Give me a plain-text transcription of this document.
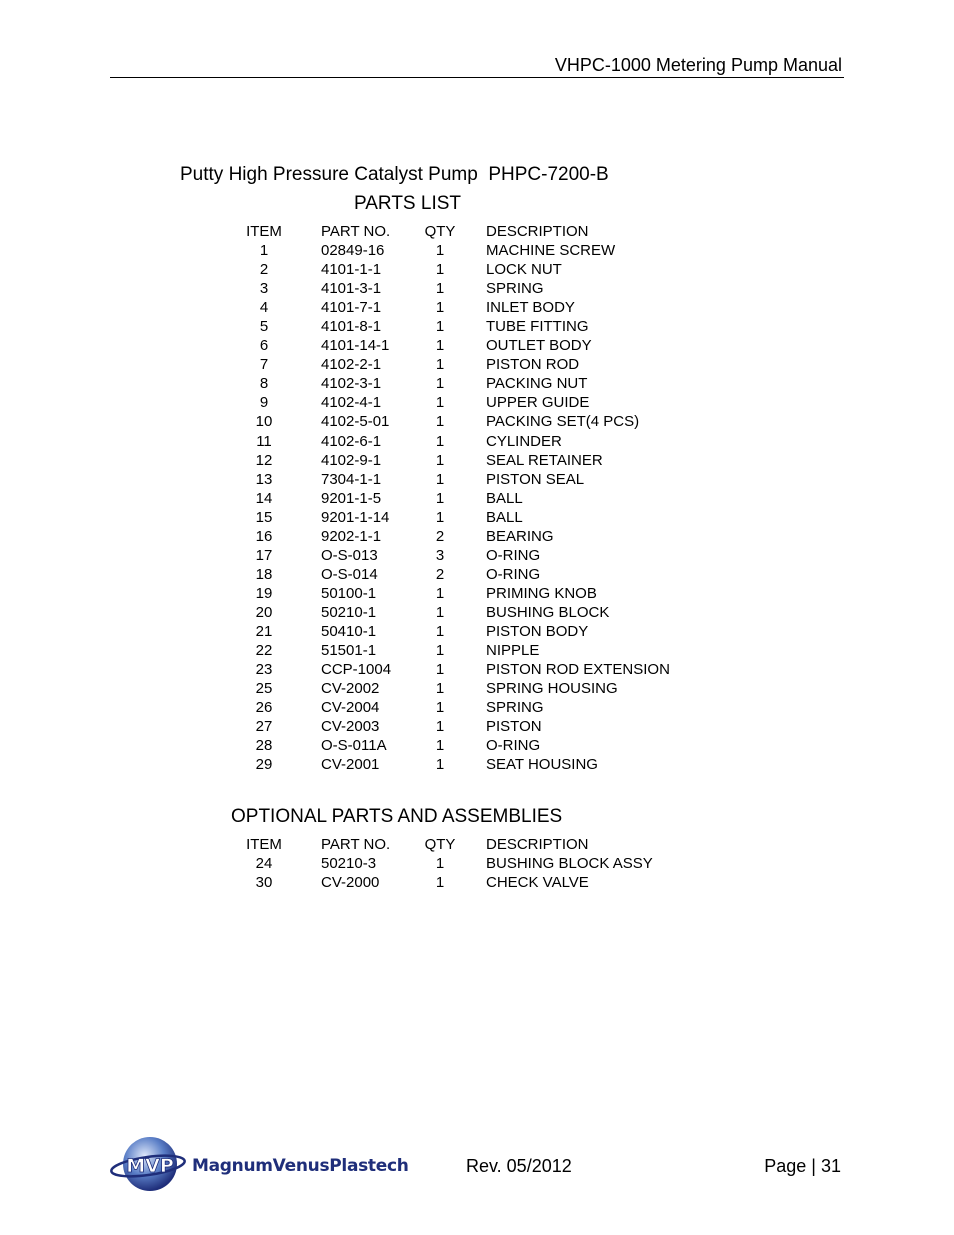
VHPC-1000 Metering Pump Manual
Putty High Pressure Catalyst Pump  PHPC-7200-B
PARTS LIST
ITEM	PART NO.	QTY	DESCRIPTION
1	02849-16	1	MACHINE SCREW
2	4101-1-1	1	LOCK NUT
3	4101-3-1	1	SPRING
4	4101-7-1	1	INLET BODY
5	4101-8-1	1	TUBE FITTING
6	4101-14-1	1	OUTLET BODY
7	4102-2-1	1	PISTON ROD
8	4102-3-1	1	PACKING NUT
9	4102-4-1	1	UPPER GUIDE
10	4102-5-01	1	PACKING SET(4 PCS)
11	4102-6-1	1	CYLINDER
12	4102-9-1	1	SEAL RETAINER
13	7304-1-1	1	PISTON SEAL
14	9201-1-5	1	BALL
15	9201-1-14	1	BALL
16	9202-1-1	2	BEARING
17	O-S-013	3	O-RING
18	O-S-014	2	O-RING
19	50100-1	1	PRIMING KNOB
20	50210-1	1	BUSHING BLOCK
21	50410-1	1	PISTON BODY
22	51501-1	1	NIPPLE
23	CCP-1004	1	PISTON ROD EXTENSION
25	CV-2002	1	SPRING HOUSING
26	CV-2004	1	SPRING
27	CV-2003	1	PISTON
28	O-S-011A	1	O-RING
29	CV-2001	1	SEAT HOUSING
OPTIONAL PARTS AND ASSEMBLIES
ITEM	PART NO.	QTY	DESCRIPTION
24	50210-3	1	BUSHING BLOCK ASSY
30	CV-2000	1	CHECK VALVE
MVP MagnumVenusPlastech	Rev. 05/2012	Page | 31
